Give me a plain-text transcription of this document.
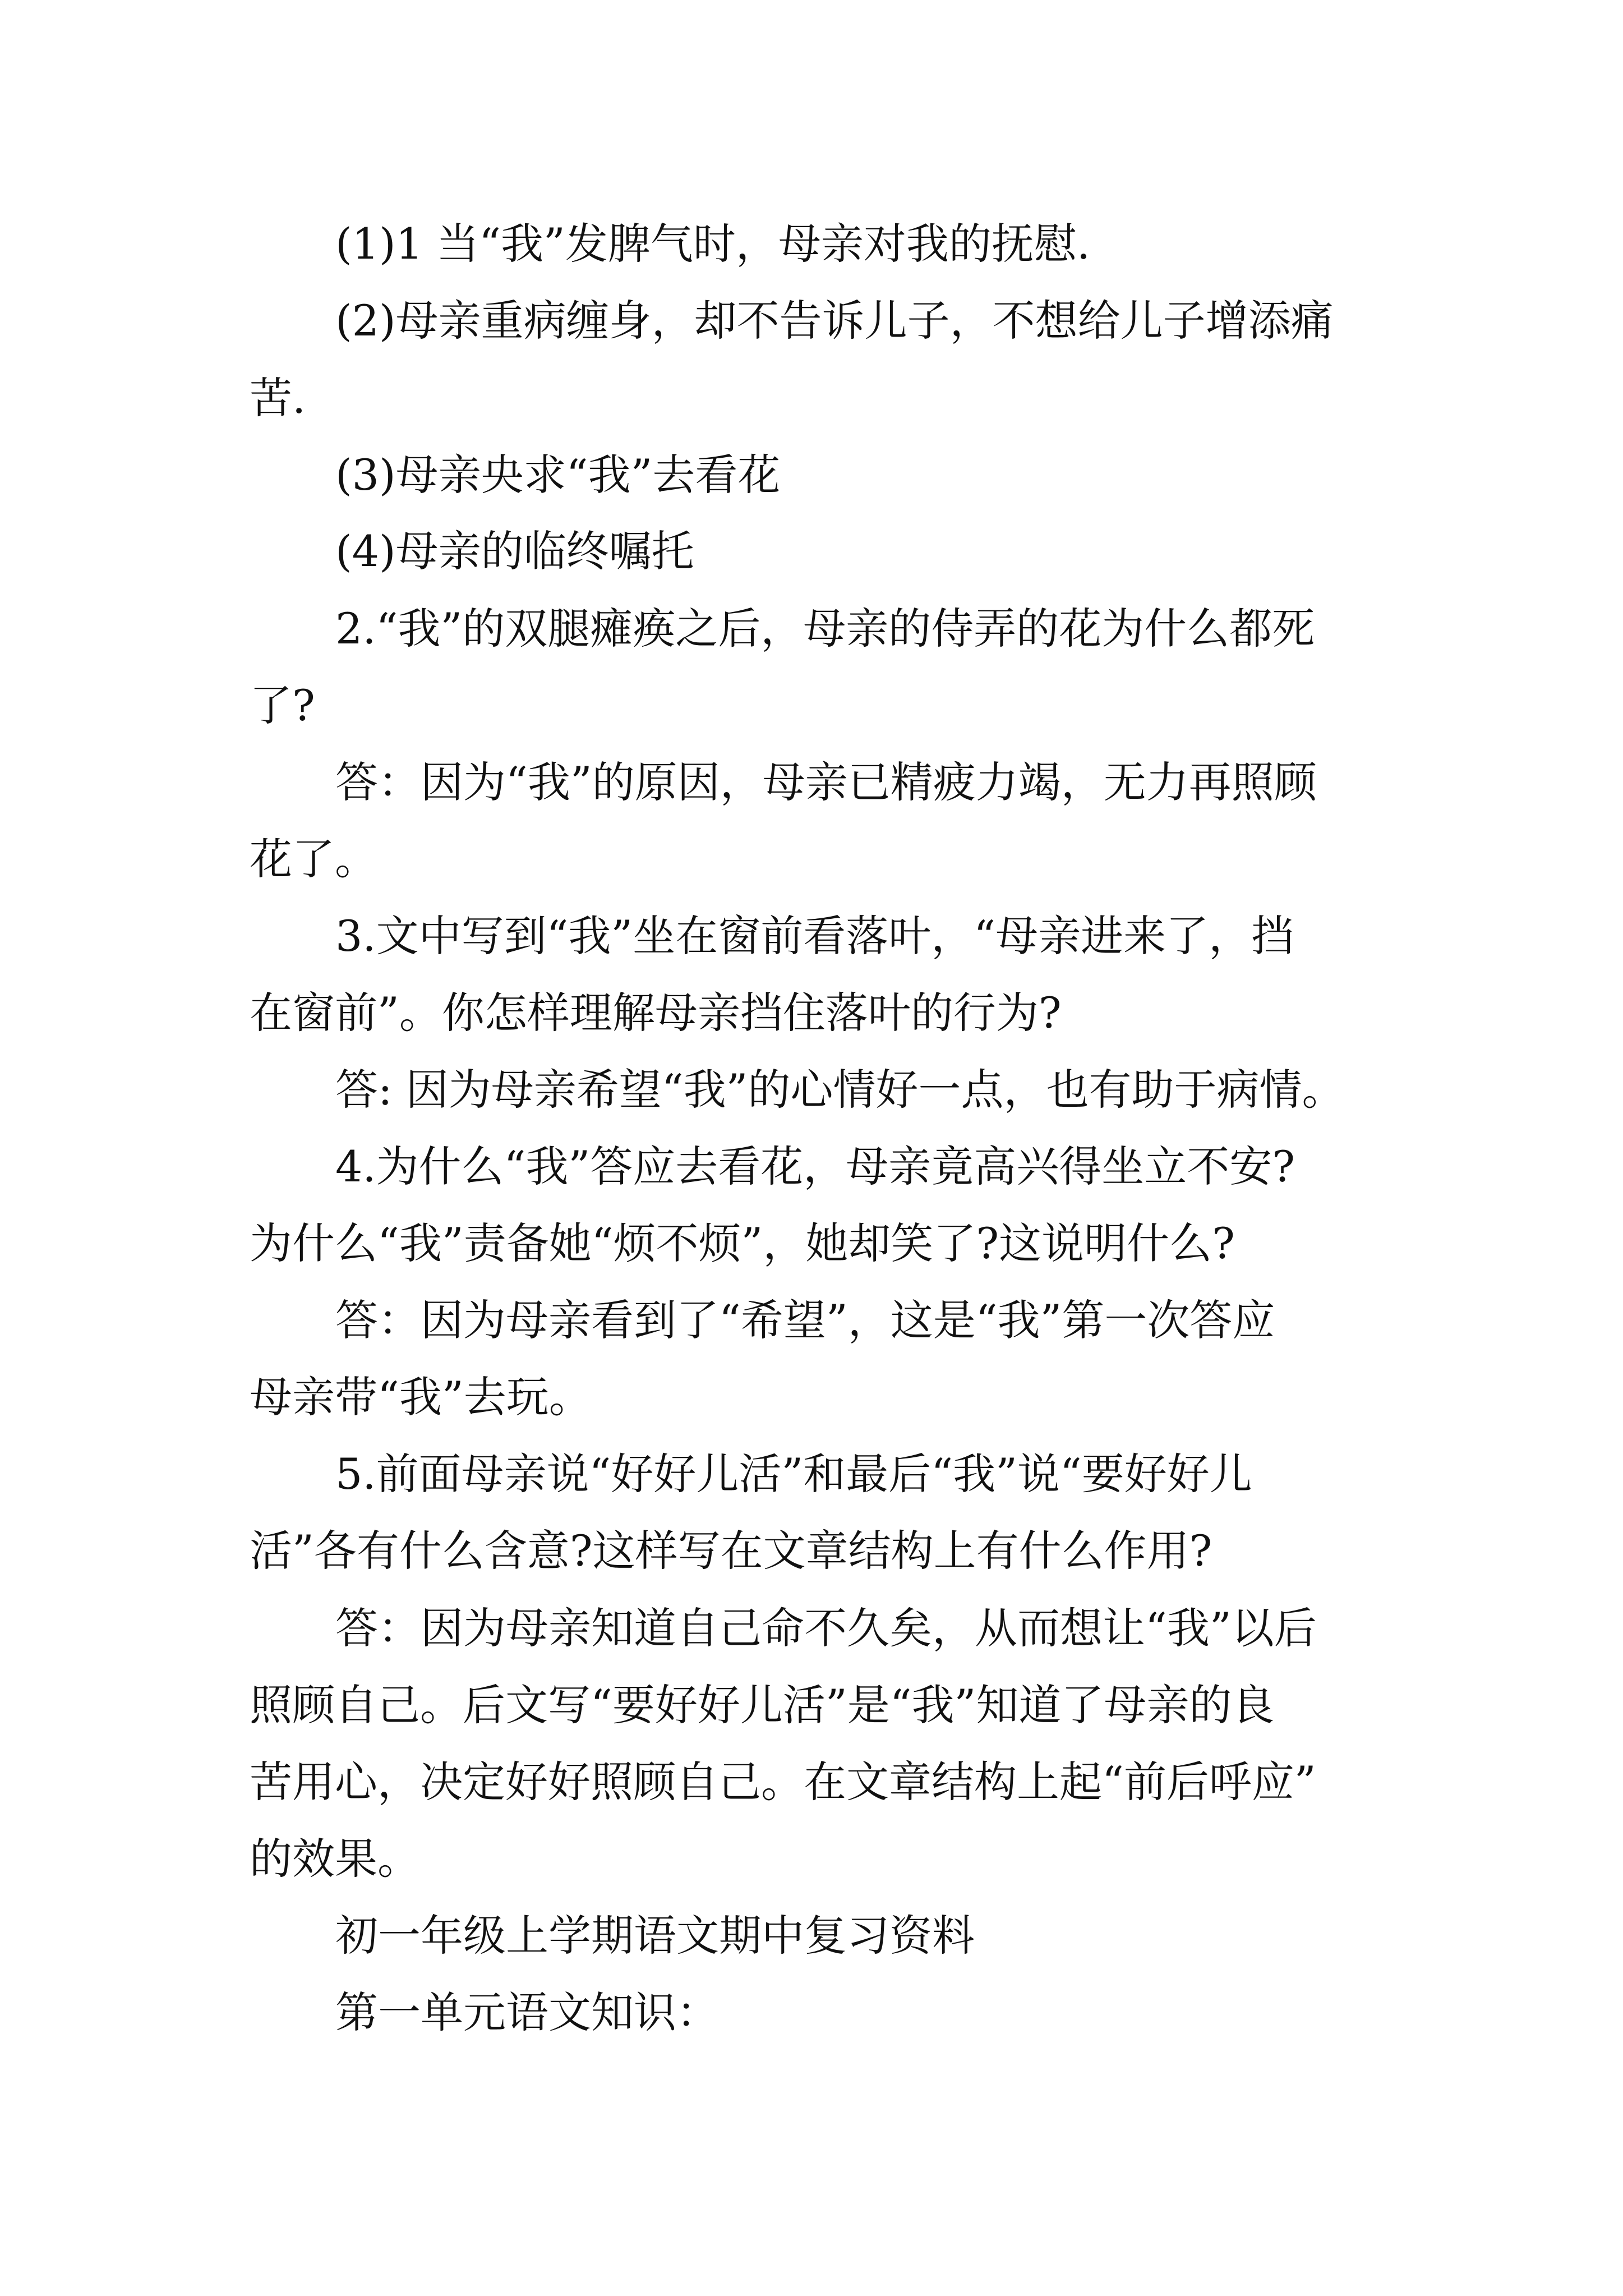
(1)1 当“我”发脾气时，母亲对我的抚慰.
(2)母亲重病缠身，却不告诉儿子，不想给儿子增添痛
苦.
(3)母亲央求“我”去看花
(4)母亲的临终嘱托
2.“我”的双腿瘫痪之后，母亲的侍弄的花为什么都死
了?
答：因为“我”的原因，母亲已精疲力竭，无力再照顾
花了。
3.文中写到“我”坐在窗前看落叶，“母亲进来了，挡
在窗前”。你怎样理解母亲挡住落叶的行为?
答: 因为母亲希望“我”的心情好一点，也有助于病情。
4.为什么“我”答应去看花，母亲竟高兴得坐立不安?
为什么“我”责备她“烦不烦”，她却笑了?这说明什么?
答：因为母亲看到了“希望”，这是“我”第一次答应
母亲带“我”去玩。
5.前面母亲说“好好儿活”和最后“我”说“要好好儿
活”各有什么含意?这样写在文章结构上有什么作用?
答：因为母亲知道自己命不久矣，从而想让“我”以后
照顾自己。后文写“要好好儿活”是“我”知道了母亲的良
苦用心，决定好好照顾自己。在文章结构上起“前后呼应”
的效果。
初一年级上学期语文期中复习资料
第一单元语文知识：
